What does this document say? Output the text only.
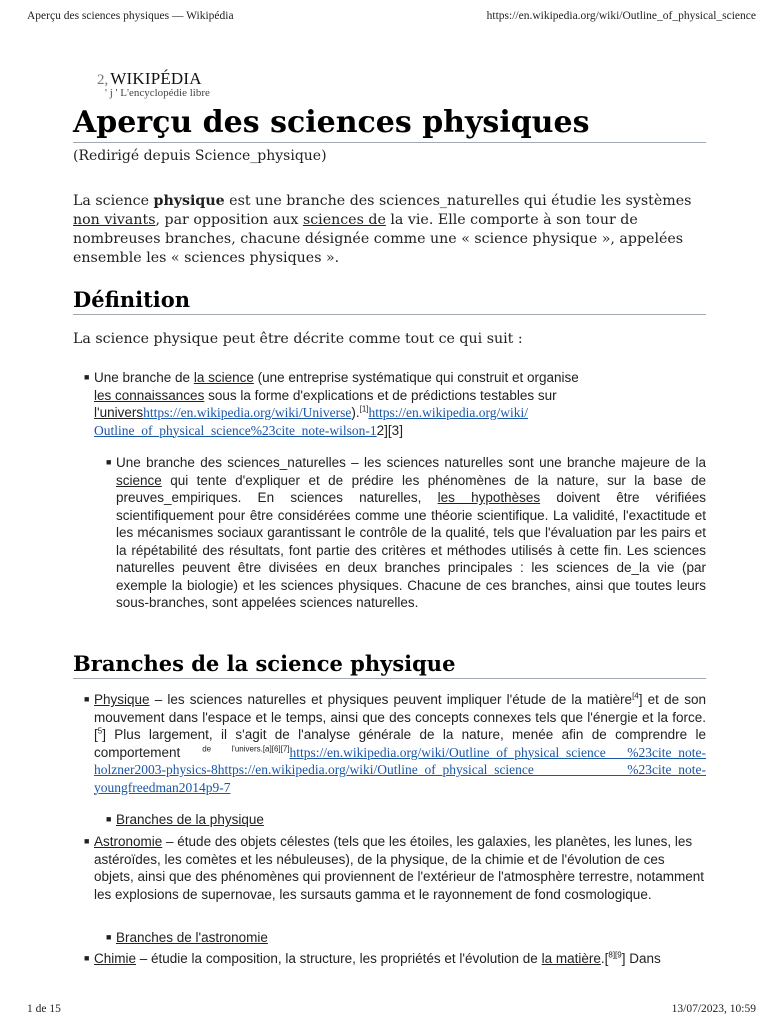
Aperçu des sciences physiques — Wikipédia	https://en.wikipedia.org/wiki/Outline_of_physical_science
2, WIKIPÉDIA
' j ' L'encyclopédie libre
Aperçu des sciences physiques
(Redirigé depuis Science_physique)

La science physique est une branche des sciences_naturelles qui étudie les systèmes non vivants, par opposition aux sciences de la vie. Elle comporte à son tour de nombreuses branches, chacune désignée comme une « science physique », appelées ensemble les « sciences physiques ».

Définition

La science physique peut être décrite comme tout ce qui suit :

■ Une branche de la science (une entreprise systématique qui construit et organise les connaissances sous la forme d'explications et de prédictions testables sur l'univershttps://en.wikipedia.org/wiki/Universe).[1]https://en.wikipedia.org/wiki/ Outline_of_physical_science%23cite_note-wilson-12][3]
■ Une branche des sciences_naturelles – les sciences naturelles sont une branche majeure de la science qui tente d'expliquer et de prédire les phénomènes de la nature, sur la base de preuves_empiriques. En sciences naturelles, les hypothèses doivent être vérifiées scientifiquement pour être considérées comme une théorie scientifique. La validité, l'exactitude et les mécanismes sociaux garantissant le contrôle de la qualité, tels que l'évaluation par les pairs et la répétabilité des résultats, font partie des critères et méthodes utilisés à cette fin. Les sciences naturelles peuvent être divisées en deux branches principales : les sciences de_la vie (par exemple la biologie) et les sciences physiques. Chacune de ces branches, ainsi que toutes leurs sous-branches, sont appelées sciences naturelles.
Branches de la science physique
■ Physique – les sciences naturelles et physiques peuvent impliquer l'étude de la matière$^{[4}$] et de son mouvement dans l'espace et le temps, ainsi que des concepts connexes tels que l'énergie et la force.[$^5$] Plus largement, il s'agit de l'analyse générale de la nature, menée afin de comprendre le comportement $^{de l'univers.[a][6][7]}$https://en.wikipedia.org/wiki/Outline_of_physical_science %23cite_note-holzner2003-physics-8https://en.wikipedia.org/wiki/Outline_of_physical_science %23cite_note-youngfreedman2014p9-7
■ Branches de la physique
■ Astronomie – étude des objets célestes (tels que les étoiles, les galaxies, les planètes, les lunes, les astéroïdes, les comètes et les nébuleuses), de la physique, de la chimie et de l'évolution de ces objets, ainsi que des phénomènes qui proviennent de l'extérieur de l'atmosphère terrestre, notamment les explosions de supernovae, les sursauts gamma et le rayonnement de fond cosmologique.
■ Branches de l'astronomie
■ Chimie – étudie la composition, la structure, les propriétés et l'évolution de la matière.[$^{8][9}$] Dans
1 de 15	13/07/2023, 10:59
